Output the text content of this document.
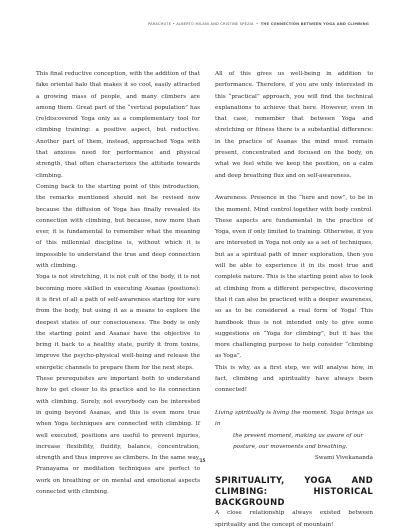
PARACHUTE • ALBERTO MILANI AND CRISTINE SPEZIA • THE CONNECTION BETWEEN YOGA AND CLIMBING

This final reductive conception, with the addition of that fake oriental halo that makes it so cool, easily attracted a growing mass of people, and many climbers are among them. Great part of the “vertical population” has (re)discovered Yoga only as a complementary tool for climbing training: a positive aspect, but reductive. Another part of them, instead, approached Yoga with that anxious need for performance and physical strength, that often characterizes the attitude towards climbing.

Coming back to the starting point of this introduction, the remarks mentioned should not be revised now because the diffusion of Yoga has finally revealed its connection with climbing, but because, now more than ever, it is fundamental to remember what the meaning of this millennial discipline is, without which it is impossible to understand the true and deep connection with climbing.

Yoga is not stretching, it is not cult of the body, it is not becoming more skilled in executing Asanas (positions): it is first of all a path of self-awareness starting for sure from the body, but using it as a means to explore the deepest states of our consciousness. The body is only the starting point and Asanas have the objective to bring it back to a healthy state, purify it from toxins, improve the psycho-physical well-being and release the energetic channels to prepare them for the next steps.

These prerequisites are important both to understand how to get closer to its practice and to its connection with climbing. Surely, not everybody can be interested in going beyond Asanas, and this is even more true when Yoga techniques are connected with climbing. If well executed, positions are useful to prevent injuries, increase flexibility, fluidity, balance, concentration, strength and thus improve as climbers. In the same way, Pranayama or meditation techniques are perfect to work on breathing or on mental and emotional aspects connected with climbing.

All of this gives us well-being in addition to performance. Therefore, if you are only interested in this “practical” approach, you will find the technical explanations to achieve that here. However, even in that case, remember that between Yoga and stretching or fitness there is a substantial difference: in the practice of Asanas the mind must remain present, concentrated and focused on the body, on what we feel while we keep the position, on a calm and deep breathing flux and on self-awareness.

Awareness. Presence in the “here and now”, to be in the moment. Mind control together with body control. These aspects are fundamental in the practice of Yoga, even if only limited to training. Otherwise, if you are interested in Yoga not only as a set of techniques, but as a spiritual path of inner exploration, then you will be able to experience it in its most true and complete nature. This is the starting point also to look at climbing from a different perspective, discovering that it can also be practiced with a deeper awareness, so as to be considered a real form of Yoga! This handbook thus is not intended only to give some suggestions on “Yoga for climbing”, but it has the more challenging purpose to help consider “climbing as Yoga”.

This is why, as a first step, we will analyse how, in fact, climbing and spirituality have always been connected!

Living spiritually is living the moment. Yoga brings us in

the present moment, making us aware of our

posture, our movements and breathing.

Swami Vivekananda

SPIRITUALITY, YOGA AND CLIMBING: HISTORICAL BACKGROUND

A close relationship always existed between spirituality and the concept of mountain!

15
